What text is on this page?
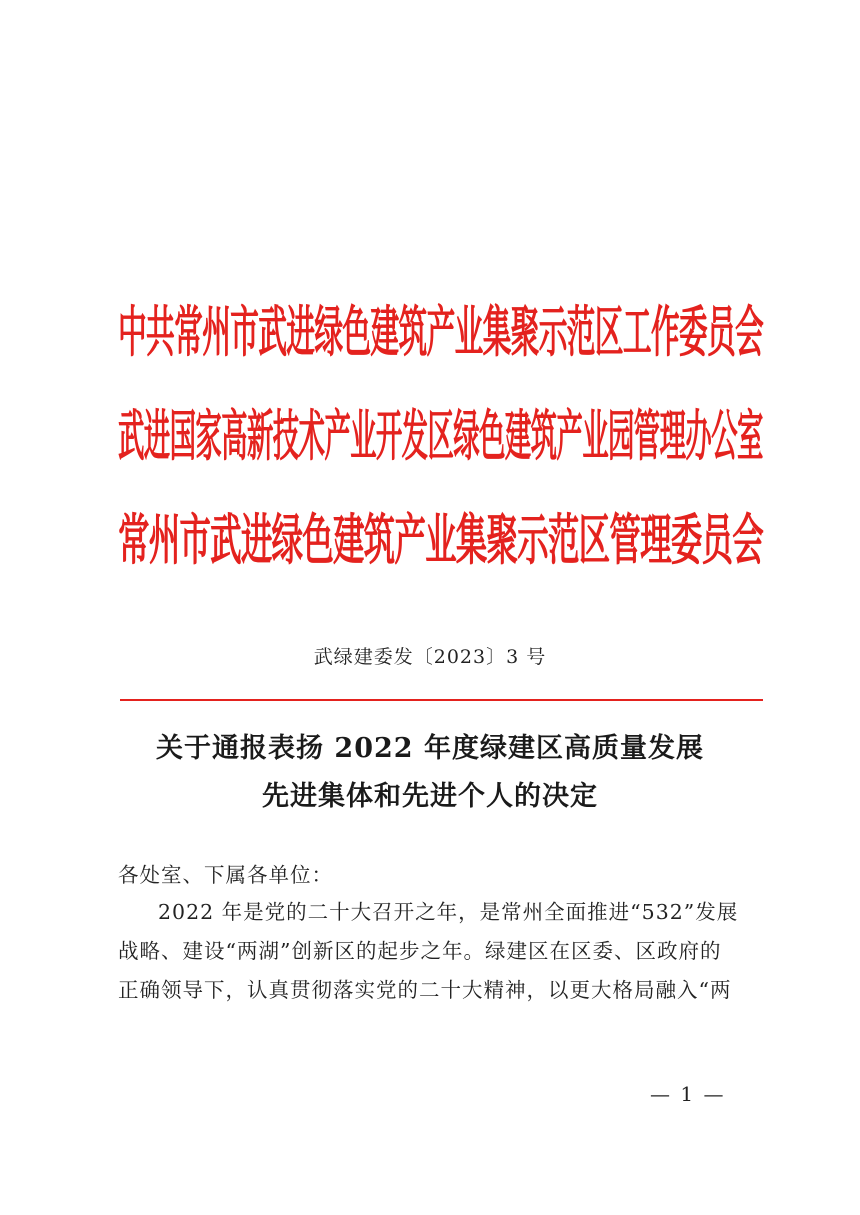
中共常州市武进绿色建筑产业集聚示范区工作委员会
武进国家高新技术产业开发区绿色建筑产业园管理办公室
常州市武进绿色建筑产业集聚示范区管理委员会
武绿建委发〔2023〕3 号
关于通报表扬 2022 年度绿建区高质量发展
先进集体和先进个人的决定
各处室、下属各单位：
2022 年是党的二十大召开之年，是常州全面推进“532”发展
战略、建设“两湖”创新区的起步之年。绿建区在区委、区政府的
正确领导下，认真贯彻落实党的二十大精神，以更大格局融入“两
— 1 —
